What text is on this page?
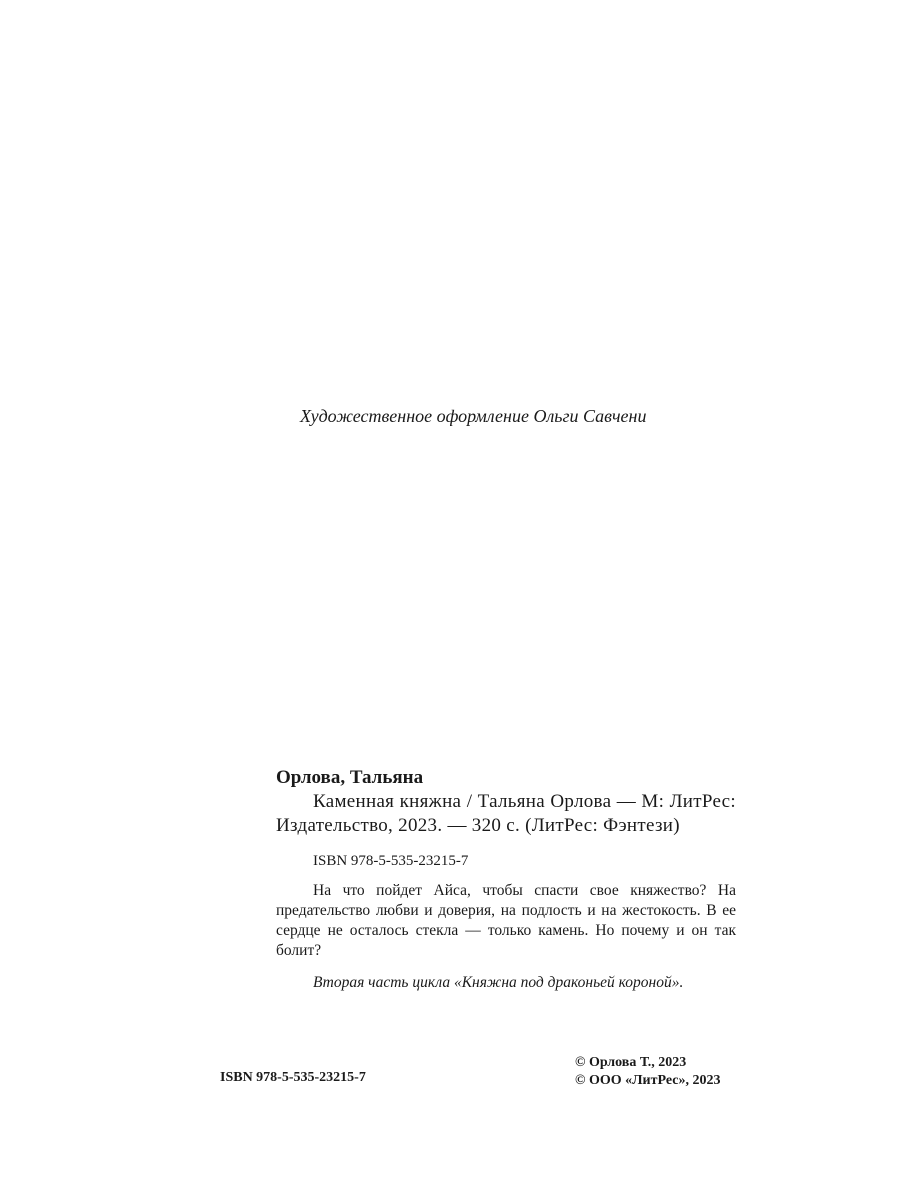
Художественное оформление Ольги Савчени

Орлова, Тальяна

Каменная княжна / Тальяна Орлова — М: ЛитРес: Издательство, 2023. — 320 с. (ЛитРес: Фэнтези)

ISBN 978-5-535-23215-7

На что пойдет Айса, чтобы спасти свое княжество? На предательство любви и доверия, на подлость и на жестокость. В ее сердце не осталось стекла — только камень. Но почему и он так болит?

Вторая часть цикла «Княжна под драконьей короной».

ISBN 978-5-535-23215-7
© Орлова Т., 2023
© ООО «ЛитРес», 2023
